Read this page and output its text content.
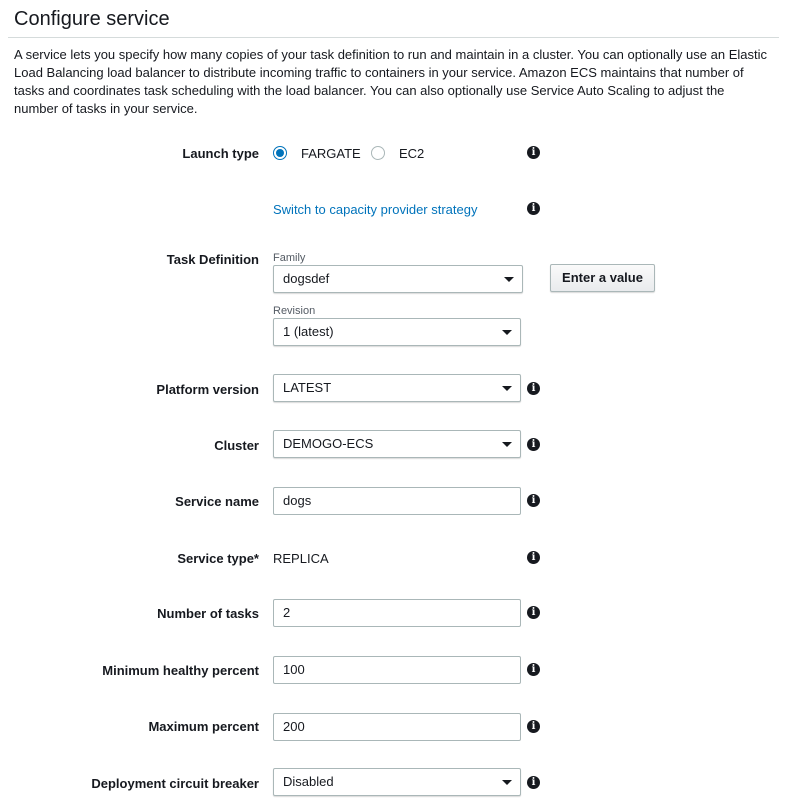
Configure service

A service lets you specify how many copies of your task definition to run and maintain in a cluster. You can optionally use an Elastic Load Balancing load balancer to distribute incoming traffic to containers in your service. Amazon ECS maintains that number of tasks and coordinates task scheduling with the load balancer. You can also optionally use Service Auto Scaling to adjust the number of tasks in your service.

Launch type	FARGATE	EC2	i
Switch to capacity provider strategy	i
Task Definition Family
dogsdef	Enter a value
Revision
1 (latest)
Platform version	LATEST	i
Cluster	DEMOGO-ECS	i
Service name	dogs	i
Service type* REPLICA	i
Number of tasks	2	i
Minimum healthy percent	100	i
Maximum percent	200	i
Deployment circuit breaker	Disabled	i
